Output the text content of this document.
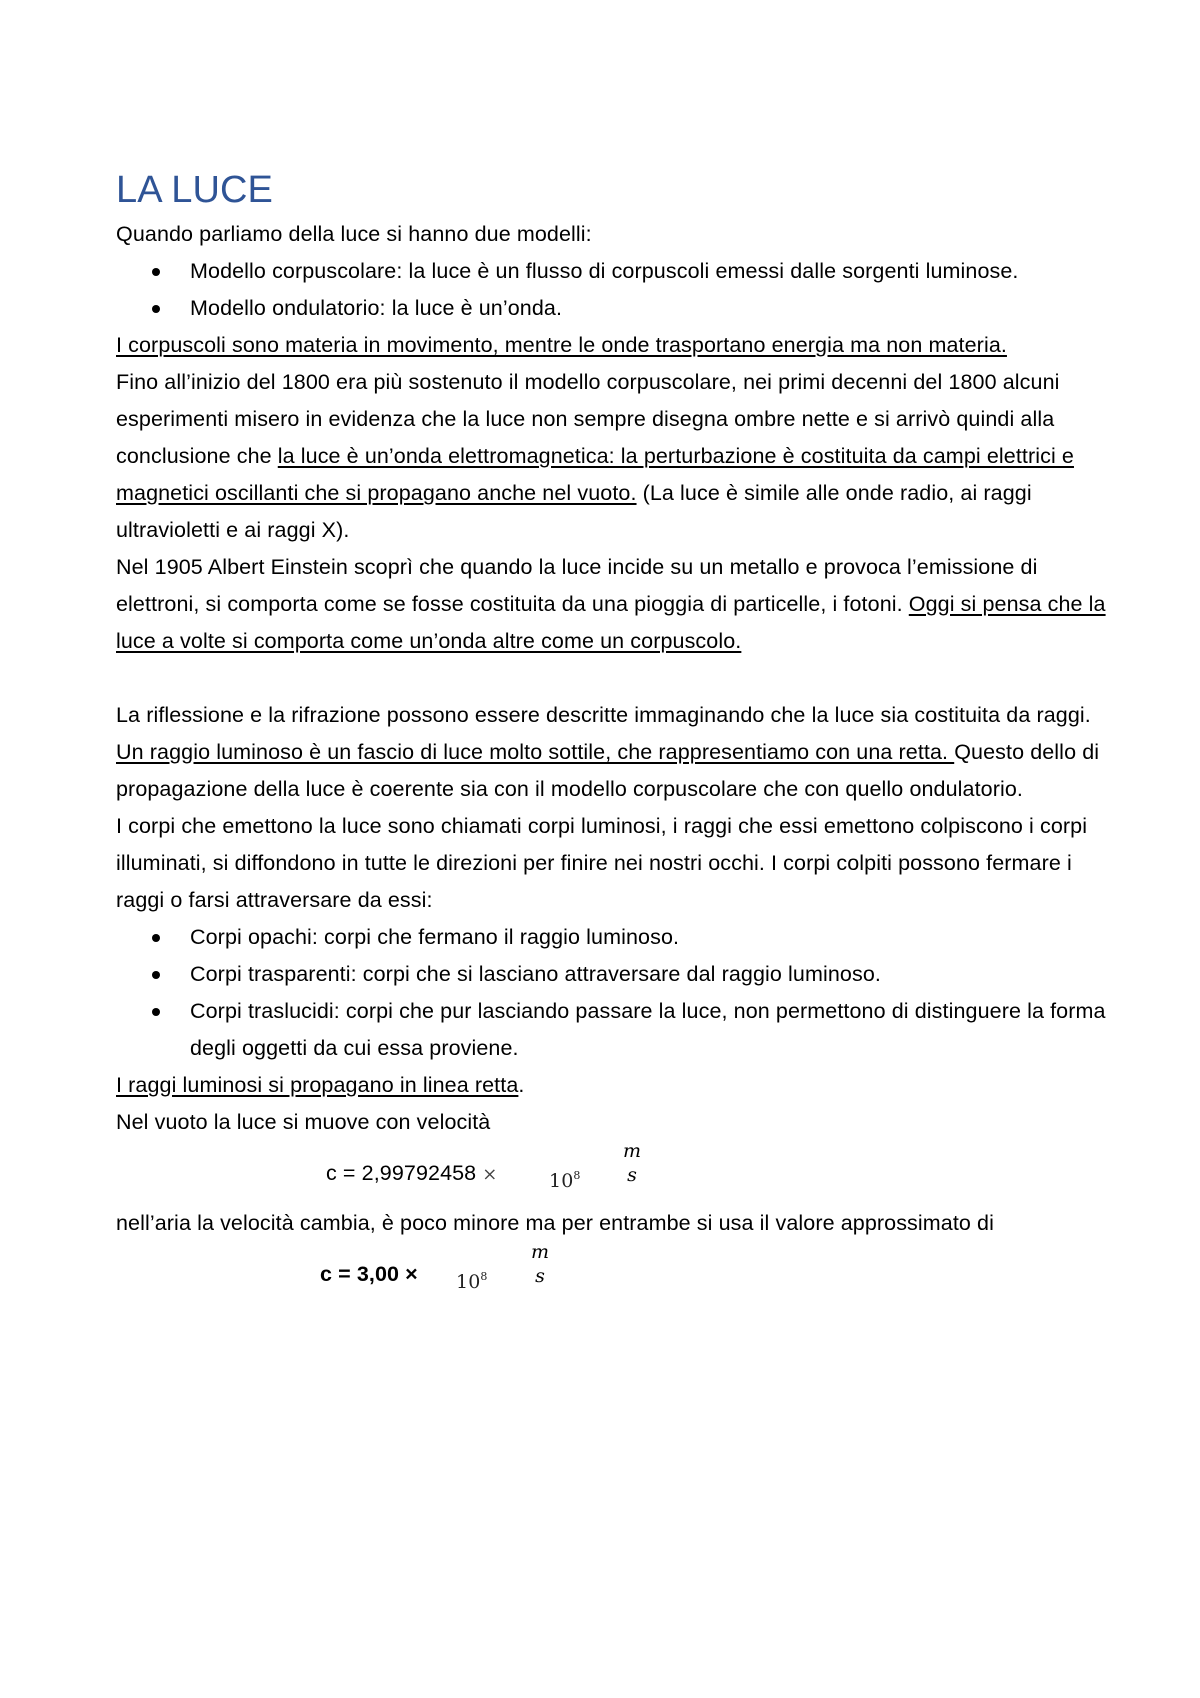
LA LUCE

Quando parliamo della luce si hanno due modelli:

Modello corpuscolare: la luce è un flusso di corpuscoli emessi dalle sorgenti luminose.
Modello ondulatorio: la luce è un’onda.

I corpuscoli sono materia in movimento, mentre le onde trasportano energia ma non materia.

Fino all’inizio del 1800 era più sostenuto il modello corpuscolare, nei primi decenni del 1800 alcuni esperimenti misero in evidenza che la luce non sempre disegna ombre nette e si arrivò quindi alla conclusione che la luce è un’onda elettromagnetica: la perturbazione è costituita da campi elettrici e magnetici oscillanti che si propagano anche nel vuoto. (La luce è simile alle onde radio, ai raggi ultravioletti e ai raggi X).

Nel 1905 Albert Einstein scoprì che quando la luce incide su un metallo e provoca l’emissione di elettroni, si comporta come se fosse costituita da una pioggia di particelle, i fotoni. Oggi si pensa che la luce a volte si comporta come un’onda altre come un corpuscolo.

La riflessione e la rifrazione possono essere descritte immaginando che la luce sia costituita da raggi. Un raggio luminoso è un fascio di luce molto sottile, che rappresentiamo con una retta. Questo dello di propagazione della luce è coerente sia con il modello corpuscolare che con quello ondulatorio.

I corpi che emettono la luce sono chiamati corpi luminosi, i raggi che essi emettono colpiscono i corpi illuminati, si diffondono in tutte le direzioni per finire nei nostri occhi. I corpi colpiti possono fermare i raggi o farsi attraversare da essi:

Corpi opachi: corpi che fermano il raggio luminoso.
Corpi trasparenti: corpi che si lasciano attraversare dal raggio luminoso.
Corpi traslucidi: corpi che pur lasciando passare la luce, non permettono di distinguere la forma degli oggetti da cui essa proviene.

I raggi luminosi si propagano in linea retta.

Nel vuoto la luce si muove con velocità

c = 2,99792458 ×	$10^8$
m
s

nell’aria la velocità cambia, è poco minore ma per entrambe si usa il valore approssimato di

$c = 3,00 \times 10^8$
m
s
